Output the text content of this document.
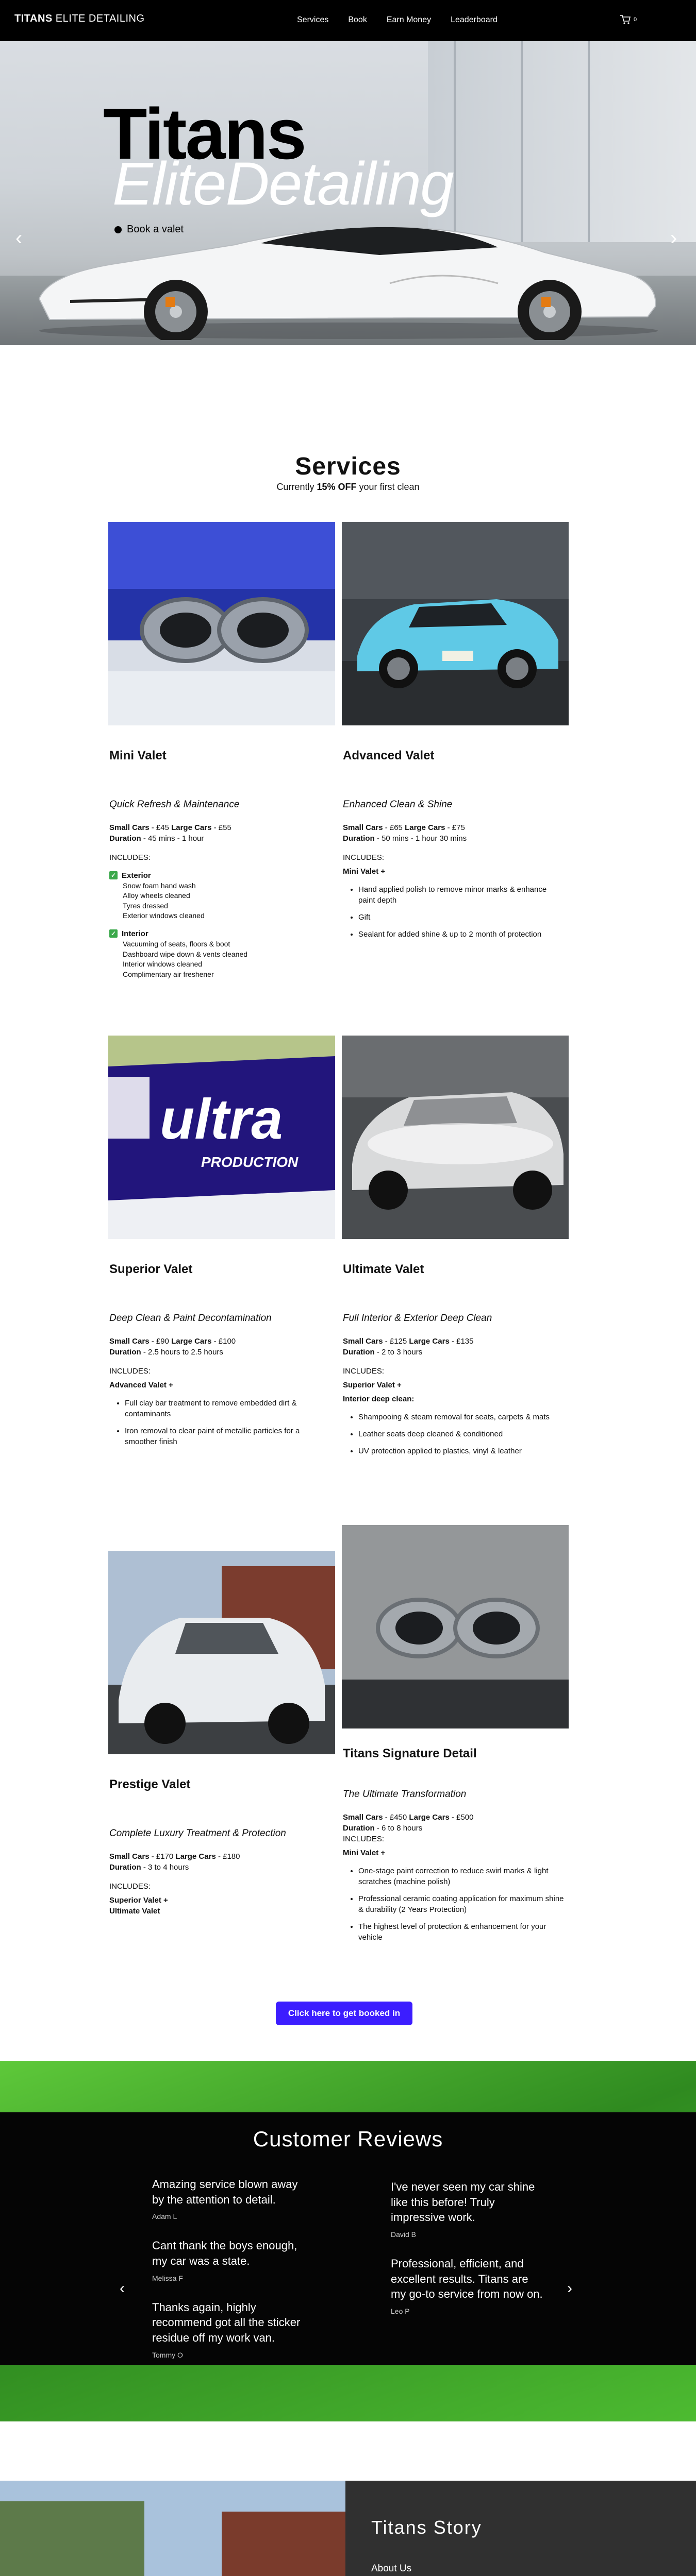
TITANS ELITE DETAILING	Services Book Earn Money Leaderboard	$^0$
Titans
EliteDetailing
Book a valet
‹	›
Services
Currently 15% OFF your first clean
Mini Valet
Quick Refresh & Maintenance
Small Cars - £45 Large Cars - £55
Duration - 45 mins - 1 hour
INCLUDES:
✓ Exterior
Snow foam hand wash
Alloy wheels cleaned
Tyres dressed
Exterior windows cleaned
✓ Interior
Vacuuming of seats, floors & boot
Dashboard wipe down & vents cleaned
Interior windows cleaned
Complimentary air freshener
Advanced Valet
Enhanced Clean & Shine
Small Cars - £65 Large Cars - £75
Duration - 50 mins - 1 hour 30 mins
INCLUDES:
Mini Valet +
• Hand applied polish to remove minor marks & enhance paint depth
• Gift
• Sealant for added shine & up to 2 month of protection
ultra
PRODUCTION
Superior Valet
Deep Clean & Paint Decontamination
Small Cars - £90 Large Cars - £100
Duration - 2.5 hours to 2.5 hours
INCLUDES:
Advanced Valet +
• Full clay bar treatment to remove embedded dirt & contaminants
• Iron removal to clear paint of metallic particles for a smoother finish
Ultimate Valet
Full Interior & Exterior Deep Clean
Small Cars - £125 Large Cars - £135
Duration - 2 to 3 hours
INCLUDES:
Superior Valet +
Interior deep clean:
• Shampooing & steam removal for seats, carpets & mats
• Leather seats deep cleaned & conditioned
• UV protection applied to plastics, vinyl & leather
Prestige Valet
Complete Luxury Treatment & Protection
Small Cars - £170 Large Cars - £180
Duration - 3 to 4 hours
INCLUDES:
Superior Valet +
Ultimate Valet
Titans Signature Detail
The Ultimate Transformation
Small Cars - £450 Large Cars - £500
Duration - 6 to 8 hours
INCLUDES:
Mini Valet +
• One-stage paint correction to reduce swirl marks & light scratches (machine polish)
• Professional ceramic coating application for maximum shine & durability (2 Years Protection)
• The highest level of protection & enhancement for your vehicle
Click here to get booked in
Customer Reviews
Amazing service blown away by the attention to detail.
Adam L
Cant thank the boys enough, my car was a state.
Melissa F
Thanks again, highly recommend got all the sticker residue off my work van.
Tommy O
I've never seen my car shine like this before! Truly impressive work.
David B
Professional, efficient, and excellent results. Titans are my go-to service from now on.
Leo P
‹	›
Titans Story
About Us
